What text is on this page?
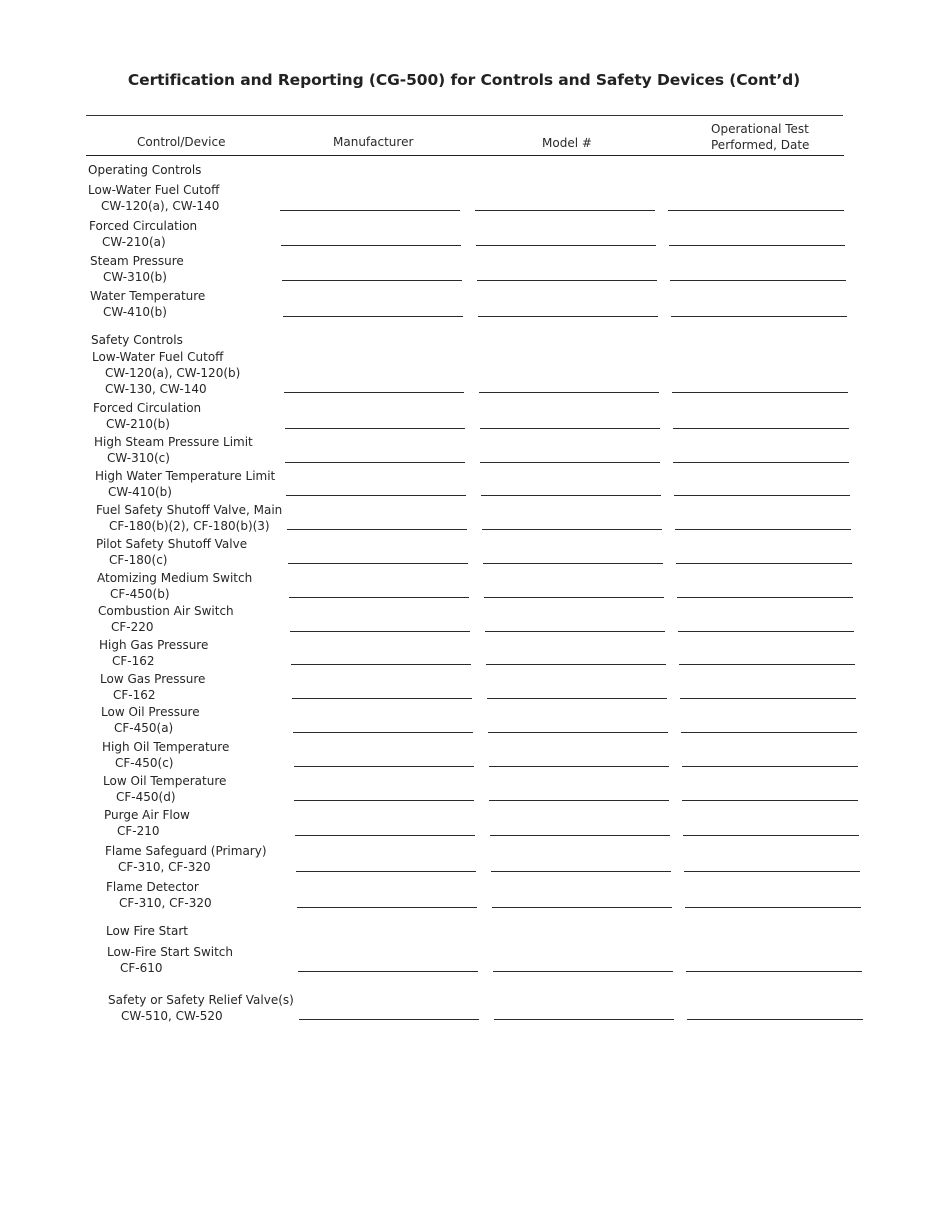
Certification and Reporting (CG-500) for Controls and Safety Devices (Cont’d)
Control/Device	Manufacturer	Model #
Operational Test
Performed, Date
Operating Controls
Safety Controls
Low Fire Start
Low-Water Fuel Cutoff
CW-120(a), CW-140
Forced Circulation
CW-210(a)
Steam Pressure
CW-310(b)
Water Temperature
CW-410(b)
Low-Water Fuel Cutoff
CW-120(a), CW-120(b)
CW-130, CW-140
Forced Circulation
CW-210(b)
High Steam Pressure Limit
CW-310(c)
High Water Temperature Limit
CW-410(b)
Fuel Safety Shutoff Valve, Main
CF-180(b)(2), CF-180(b)(3)
Pilot Safety Shutoff Valve
CF-180(c)
Atomizing Medium Switch
CF-450(b)
Combustion Air Switch
CF-220
High Gas Pressure
CF-162
Low Gas Pressure
CF-162
Low Oil Pressure
CF-450(a)
High Oil Temperature
CF-450(c)
Low Oil Temperature
CF-450(d)
Purge Air Flow
CF-210
Flame Safeguard (Primary)
CF-310, CF-320
Flame Detector
CF-310, CF-320
Low-Fire Start Switch
CF-610
Safety or Safety Relief Valve(s)
CW-510, CW-520
